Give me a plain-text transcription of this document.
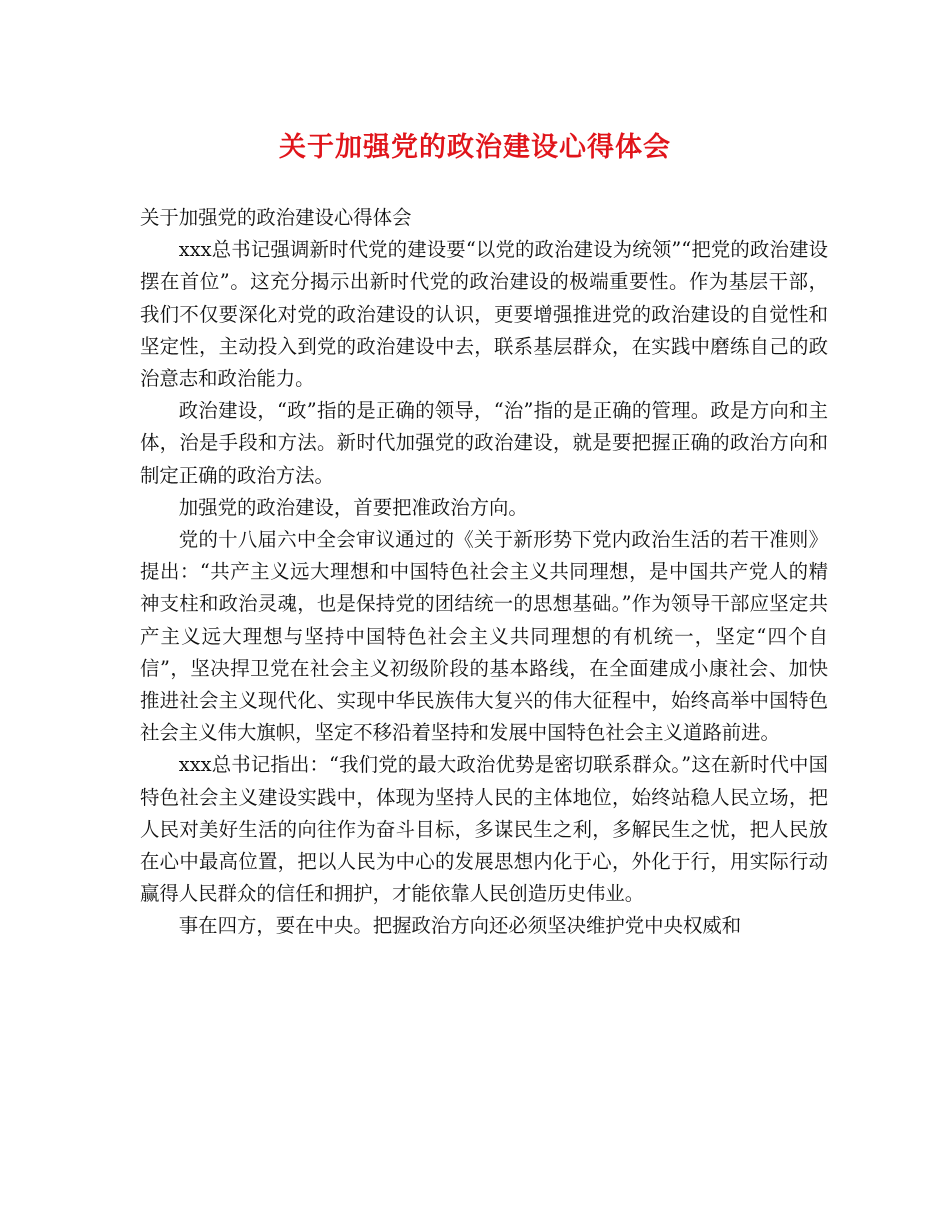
关于加强党的政治建设心得体会

关于加强党的政治建设心得体会

xxx总书记强调新时代党的建设要“以党的政治建设为统领”“把党的政治建设摆在首位”。这充分揭示出新时代党的政治建设的极端重要性。作为基层干部，我们不仅要深化对党的政治建设的认识，更要增强推进党的政治建设的自觉性和坚定性，主动投入到党的政治建设中去，联系基层群众，在实践中磨练自己的政治意志和政治能力。

政治建设，“政”指的是正确的领导，“治”指的是正确的管理。政是方向和主体，治是手段和方法。新时代加强党的政治建设，就是要把握正确的政治方向和制定正确的政治方法。

加强党的政治建设，首要把准政治方向。

党的十八届六中全会审议通过的《关于新形势下党内政治生活的若干准则》提出：“共产主义远大理想和中国特色社会主义共同理想，是中国共产党人的精神支柱和政治灵魂，也是保持党的团结统一的思想基础。”作为领导干部应坚定共产主义远大理想与坚持中国特色社会主义共同理想的有机统一，坚定“四个自信”，坚决捍卫党在社会主义初级阶段的基本路线，在全面建成小康社会、加快推进社会主义现代化、实现中华民族伟大复兴的伟大征程中，始终高举中国特色社会主义伟大旗帜，坚定不移沿着坚持和发展中国特色社会主义道路前进。

xxx总书记指出：“我们党的最大政治优势是密切联系群众。”这在新时代中国特色社会主义建设实践中，体现为坚持人民的主体地位，始终站稳人民立场，把人民对美好生活的向往作为奋斗目标，多谋民生之利，多解民生之忧，把人民放在心中最高位置，把以人民为中心的发展思想内化于心，外化于行，用实际行动赢得人民群众的信任和拥护，才能依靠人民创造历史伟业。

事在四方，要在中央。把握政治方向还必须坚决维护党中央权威和
